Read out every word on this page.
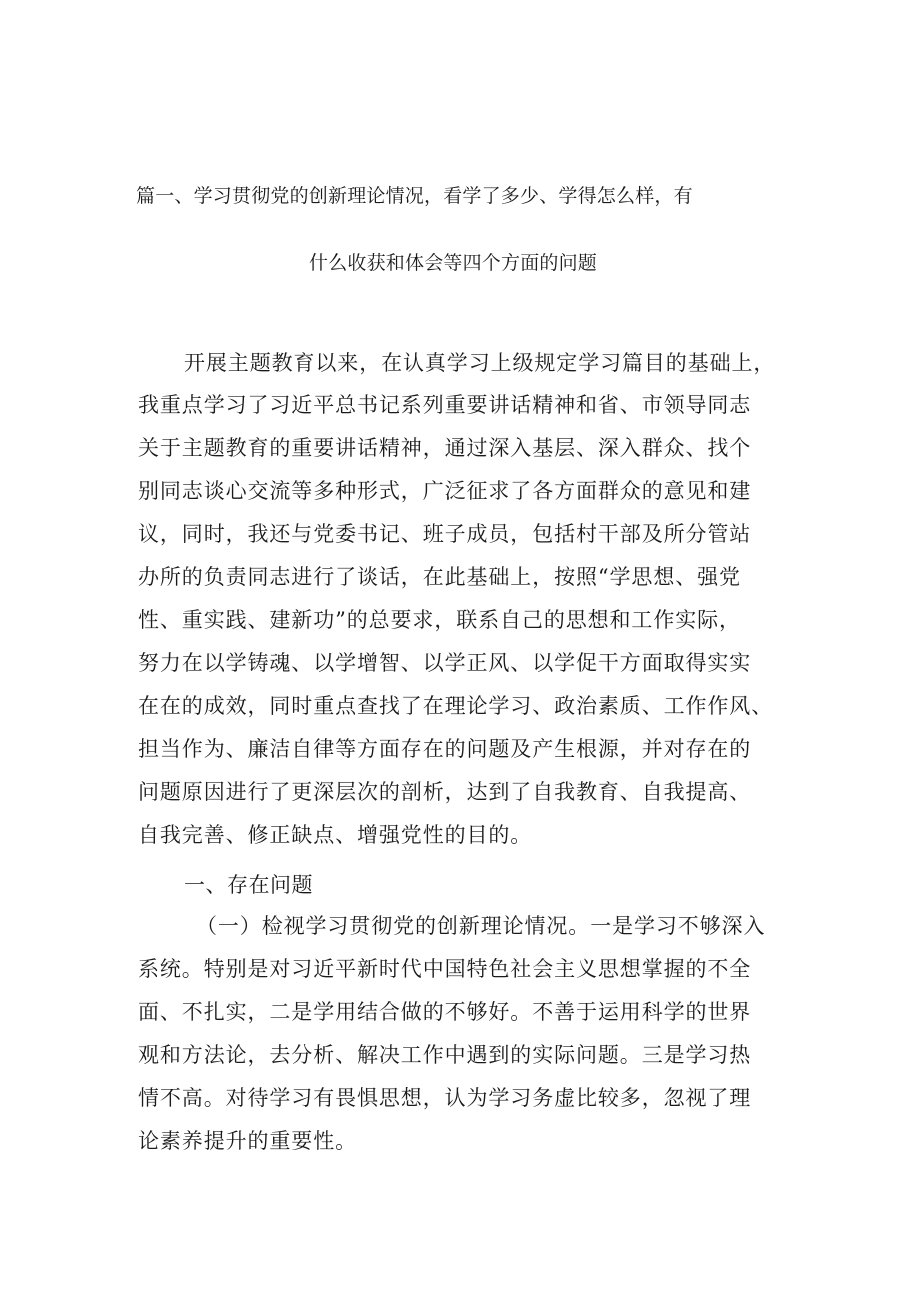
篇一、学习贯彻党的创新理论情况，看学了多少、学得怎么样，有
什么收获和体会等四个方面的问题
开展主题教育以来，在认真学习上级规定学习篇目的基础上，
我重点学习了习近平总书记系列重要讲话精神和省、市领导同志
关于主题教育的重要讲话精神，通过深入基层、深入群众、找个
别同志谈心交流等多种形式，广泛征求了各方面群众的意见和建
议，同时，我还与党委书记、班子成员，包括村干部及所分管站
办所的负责同志进行了谈话，在此基础上，按照“学思想、强党
性、重实践、建新功”的总要求，联系自己的思想和工作实际，
努力在以学铸魂、以学增智、以学正风、以学促干方面取得实实
在在的成效，同时重点查找了在理论学习、政治素质、工作作风、
担当作为、廉洁自律等方面存在的问题及产生根源，并对存在的
问题原因进行了更深层次的剖析，达到了自我教育、自我提高、
自我完善、修正缺点、增强党性的目的。
一、存在问题
（一）检视学习贯彻党的创新理论情况。一是学习不够深入
系统。特别是对习近平新时代中国特色社会主义思想掌握的不全
面、不扎实，二是学用结合做的不够好。不善于运用科学的世界
观和方法论，去分析、解决工作中遇到的实际问题。三是学习热
情不高。对待学习有畏惧思想，认为学习务虚比较多，忽视了理
论素养提升的重要性。
